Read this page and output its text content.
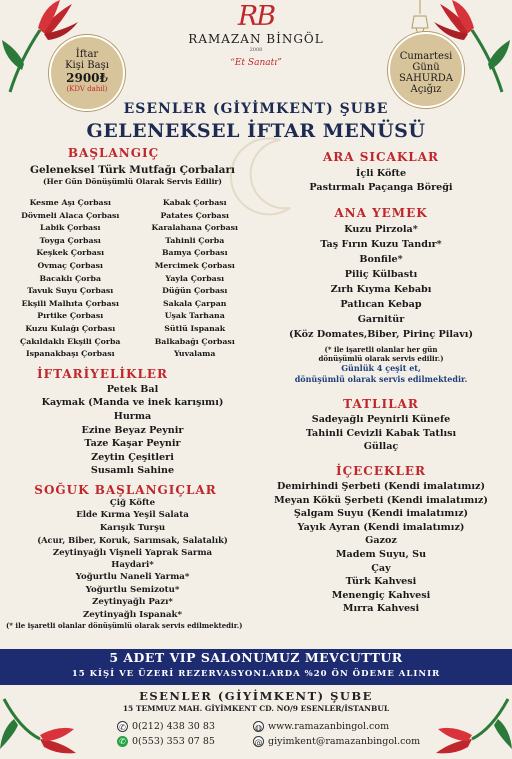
RB
RAMAZAN BİNGÖL
2008
“Et Sanatı”
İftar
Kişi Başı
2900₺
(KDV dahil)
Cumartesi
Günü
SAHURDA
Açığız
ESENLER (GİYİMKENT) ŞUBE
GELENEKSEL İFTAR MENÜSÜ
BAŞLANGIÇ
Geleneksel Türk Mutfağı Çorbaları
(Her Gün Dönüşümlü Olarak Servis Edilir)
Kesme Aşı Çorbası
Dövmeli Alaca Çorbası
Labik Çorbası
Toyga Çorbası
Keşkek Çorbası
Ovmaç Çorbası
Bacaklı Çorba
Tavuk Suyu Çorbası
Ekşili Malhıta Çorbası
Pırtike Çorbası
Kuzu Kulağı Çorbası
Çakıldaklı Ekşili Çorba
Ispanakbaşı Çorbası
Kabak Çorbası
Patates Çorbası
Karalahana Çorbası
Tahinli Çorba
Bamya Çorbası
Mercimek Çorbası
Yayla Çorbası
Düğün Çorbası
Sakala Çarpan
Uşak Tarhana
Sütlü Ispanak
Balkabağı Çorbası
Yuvalama
İFTARİYELİKLER
Petek Bal
Kaymak (Manda ve inek karışımı)
Hurma
Ezine Beyaz Peynir
Taze Kaşar Peynir
Zeytin Çeşitleri
Susamlı Sahine
SOĞUK BAŞLANGIÇLAR
Çiğ Köfte
Elde Kırma Yeşil Salata
Karışık Turşu
(Acur, Biber, Koruk, Sarımsak, Salatalık)
Zeytinyağlı Vişneli Yaprak Sarma
Haydari*
Yoğurtlu Naneli Yarma*
Yoğurtlu Semizotu*
Zeytinyağlı Pazı*
Zeytinyağlı Ispanak*
(* ile işaretli olanlar dönüşümlü olarak servis edilmektedir.)
ARA SICAKLAR
İçli Köfte
Pastırmalı Paçanga Böreği
ANA YEMEK
Kuzu Pirzola*
Taş Fırın Kuzu Tandır*
Bonfile*
Piliç Külbastı
Zırh Kıyma Kebabı
Patlıcan Kebap
Garnitür
(Köz Domates,Biber, Pirinç Pilavı)
(* ile işaretli olanlar her gün
dönüşümlü olarak servis edilir.)
Günlük 4 çeşit et,
dönüşümlü olarak servis edilmektedir.
TATLILAR
Sadeyağlı Peynirli Künefe
Tahinli Cevizli Kabak Tatlısı
Güllaç
İÇECEKLER
Demirhindi Şerbeti (Kendi imalatımız)
Meyan Kökü Şerbeti (Kendi imalatımız)
Şalgam Suyu (Kendi imalatımız)
Yayık Ayran (Kendi imalatımız)
Gazoz
Madem Suyu, Su
Çay
Türk Kahvesi
Menengiç Kahvesi
Mırra Kahvesi
5 ADET VIP SALONUMUZ MEVCUTTUR
15 KİŞİ VE ÜZERİ REZERVASYONLARDA %20 ÖN ÖDEME ALINIR
ESENLER (GİYİMKENT) ŞUBE
15 TEMMUZ MAH. GİYİMKENT CD. NO/9 ESENLER/İSTANBUL
✆ 0(212) 438 30 83
✆ 0(553) 353 07 85
◍ www.ramazanbingol.com
@ giyimkent@ramazanbingol.com
